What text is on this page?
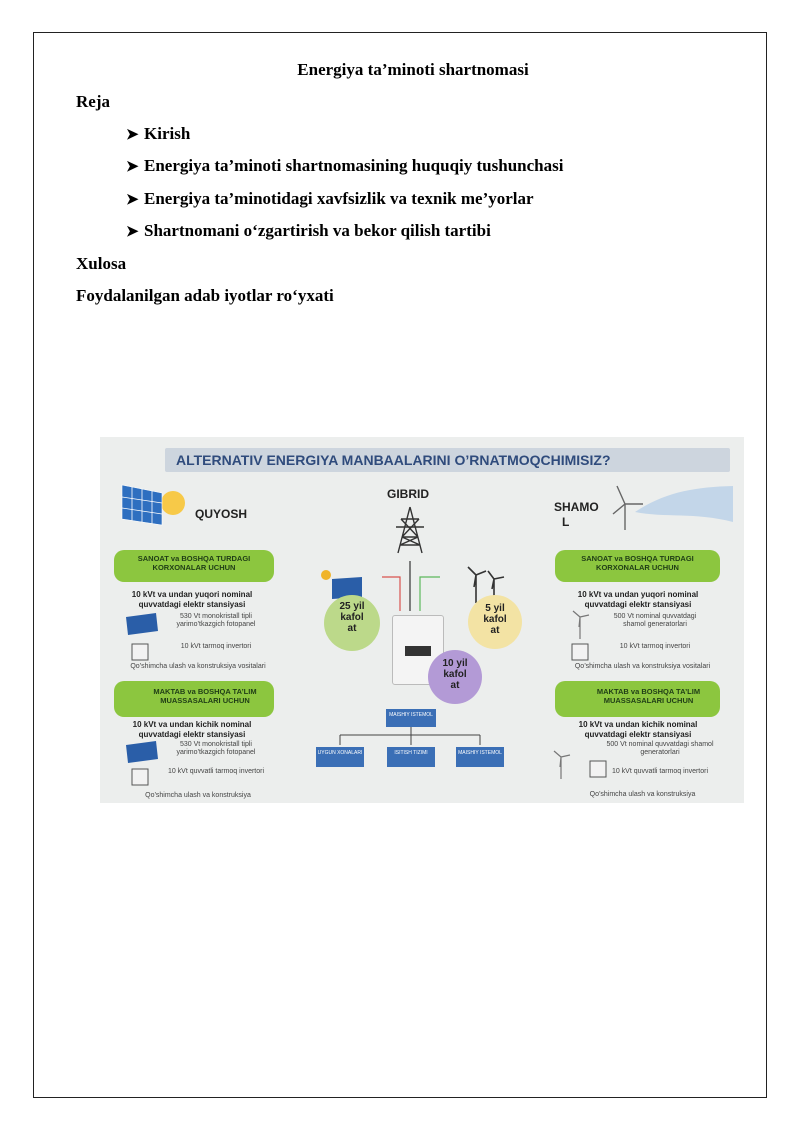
Energiya ta’minoti shartnomasi
Reja
➤ Kirish
➤ Energiya ta’minoti shartnomasining huquqiy tushunchasi
➤ Energiya ta’minotidagi xavfsizlik va texnik me’yorlar
➤ Shartnomani o‘zgartirish va bekor qilish tartibi
Xulosa
Foydalanilgan adab iyotlar ro‘yxati
ALTERNATIV ENERGIYA MANBAALARINI O’RNATMOQCHIMISIZ?
QUYOSH
GIBRID
SHAMO
L
SANOAT va BOSHQA TURDAGI KORXONALAR UCHUN
10 kVt va undan yuqori nominal quvvatdagi elektr stansiyasi
530 Vt monokristall tipli yarimo’tkazgich fotopanel
10 kVt tarmoq invertori
Qo’shimcha ulash va konstruksiya vositalari
MAKTAB va BOSHQA TA’LIM MUASSASALARI UCHUN
10 kVt va undan kichik nominal quvvatdagi elektr stansiyasi
530 Vt monokristall tipli yarimo’tkazgich fotopanel
10 kVt quvvatli tarmoq invertori
Qo’shimcha ulash va konstruksiya
25 yil kafol at
5 yil kafol at
10 yil kafol at
MAISHIY ISTEMOL
UYGUN XONALARI	ISITISH TIZIMI	MAISHIY ISTEMOL
SANOAT va BOSHQA TURDAGI KORXONALAR UCHUN
10 kVt va undan yuqori nominal quvvatdagi elektr stansiyasi
500 Vt nominal quvvatdagi shamol generatorlari
10 kVt tarmoq invertori
Qo’shimcha ulash va konstruksiya vositalari
MAKTAB va BOSHQA TA’LIM MUASSASALARI UCHUN
10 kVt va undan kichik nominal quvvatdagi elektr stansiyasi
500 Vt nominal quvvatdagi shamol generatorlari
10 kVt quvvatli tarmoq invertori
Qo’shimcha ulash va konstruksiya
